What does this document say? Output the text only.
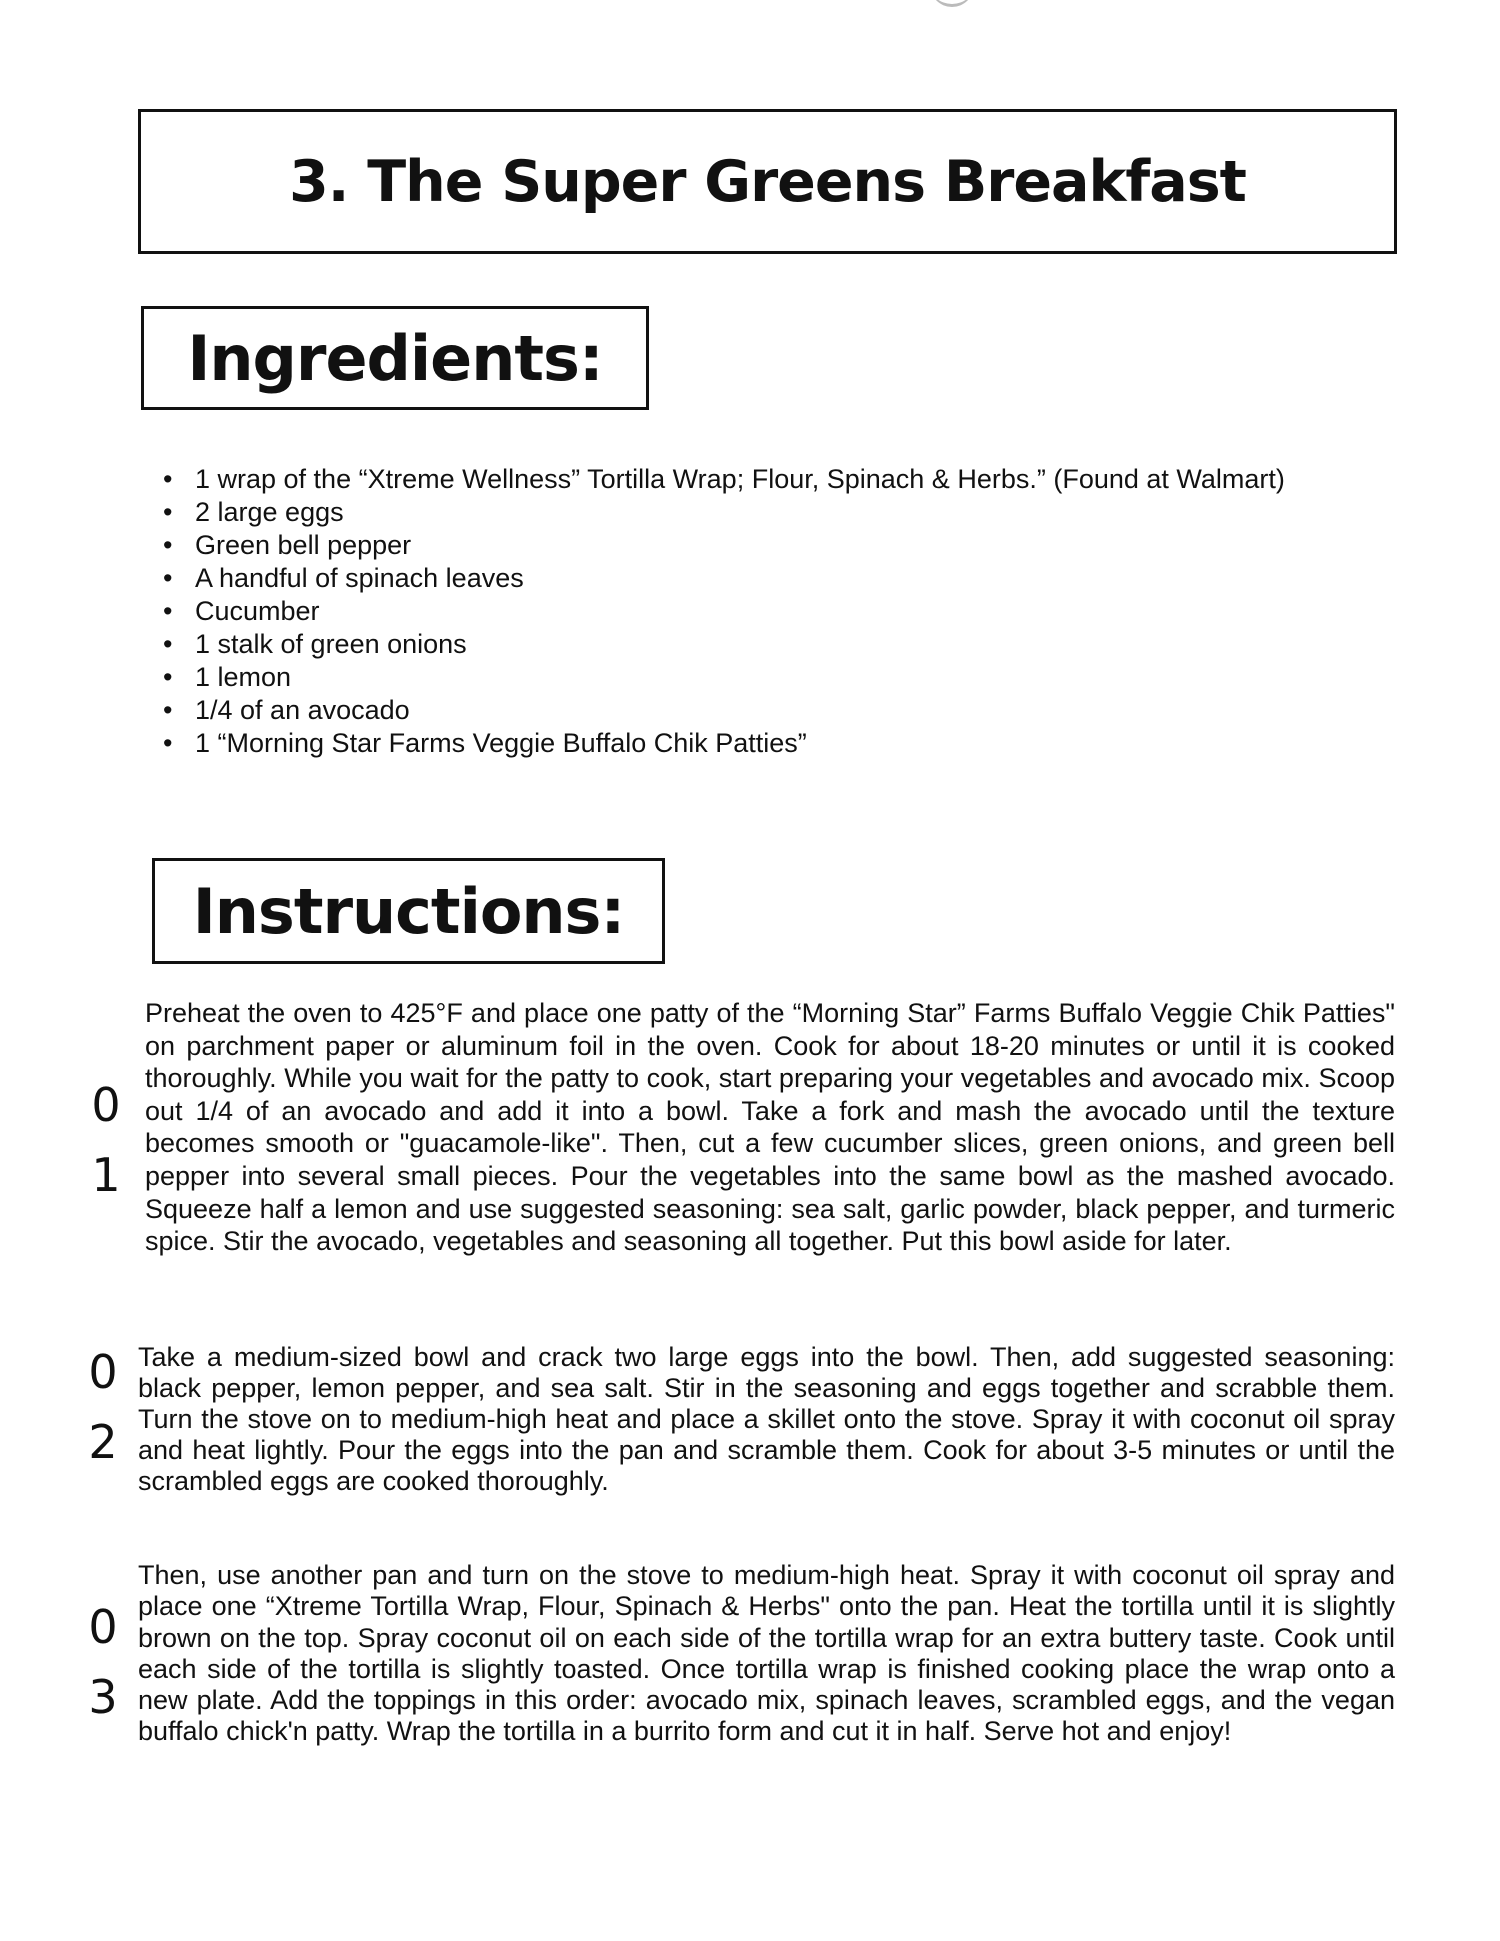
3. The Super Greens Breakfast
Ingredients:
• 1 wrap of the “Xtreme Wellness” Tortilla Wrap; Flour, Spinach & Herbs.” (Found at Walmart)
• 2 large eggs
• Green bell pepper
• A handful of spinach leaves
• Cucumber
• 1 stalk of green onions
• 1 lemon
• 1/4 of an avocado
• 1 “Morning Star Farms Veggie Buffalo Chik Patties”
Instructions:
0
1

Preheat the oven to 425°F and place one patty of the “Morning Star” Farms Buffalo Veggie Chik Patties" on parchment paper or aluminum foil in the oven. Cook for about 18-20 minutes or until it is cooked thoroughly. While you wait for the patty to cook, start preparing your vegetables and avocado mix. Scoop out 1/4 of an avocado and add it into a bowl. Take a fork and mash the avocado until the texture becomes smooth or "guacamole-like". Then, cut a few cucumber slices, green onions, and green bell pepper into several small pieces. Pour the vegetables into the same bowl as the mashed avocado. Squeeze half a lemon and use suggested seasoning: sea salt, garlic powder, black pepper, and turmeric spice. Stir the avocado, vegetables and seasoning all together. Put this bowl aside for later.

0
2

Take a medium-sized bowl and crack two large eggs into the bowl. Then, add suggested seasoning: black pepper, lemon pepper, and sea salt. Stir in the seasoning and eggs together and scrabble them. Turn the stove on to medium-high heat and place a skillet onto the stove. Spray it with coconut oil spray and heat lightly. Pour the eggs into the pan and scramble them. Cook for about 3-5 minutes or until the scrambled eggs are cooked thoroughly.

0
3

Then, use another pan and turn on the stove to medium-high heat. Spray it with coconut oil spray and place one “Xtreme Tortilla Wrap, Flour, Spinach & Herbs" onto the pan. Heat the tortilla until it is slightly brown on the top. Spray coconut oil on each side of the tortilla wrap for an extra buttery taste. Cook until each side of the tortilla is slightly toasted. Once tortilla wrap is finished cooking place the wrap onto a new plate. Add the toppings in this order: avocado mix, spinach leaves, scrambled eggs, and the vegan buffalo chick'n patty. Wrap the tortilla in a burrito form and cut it in half. Serve hot and enjoy!
